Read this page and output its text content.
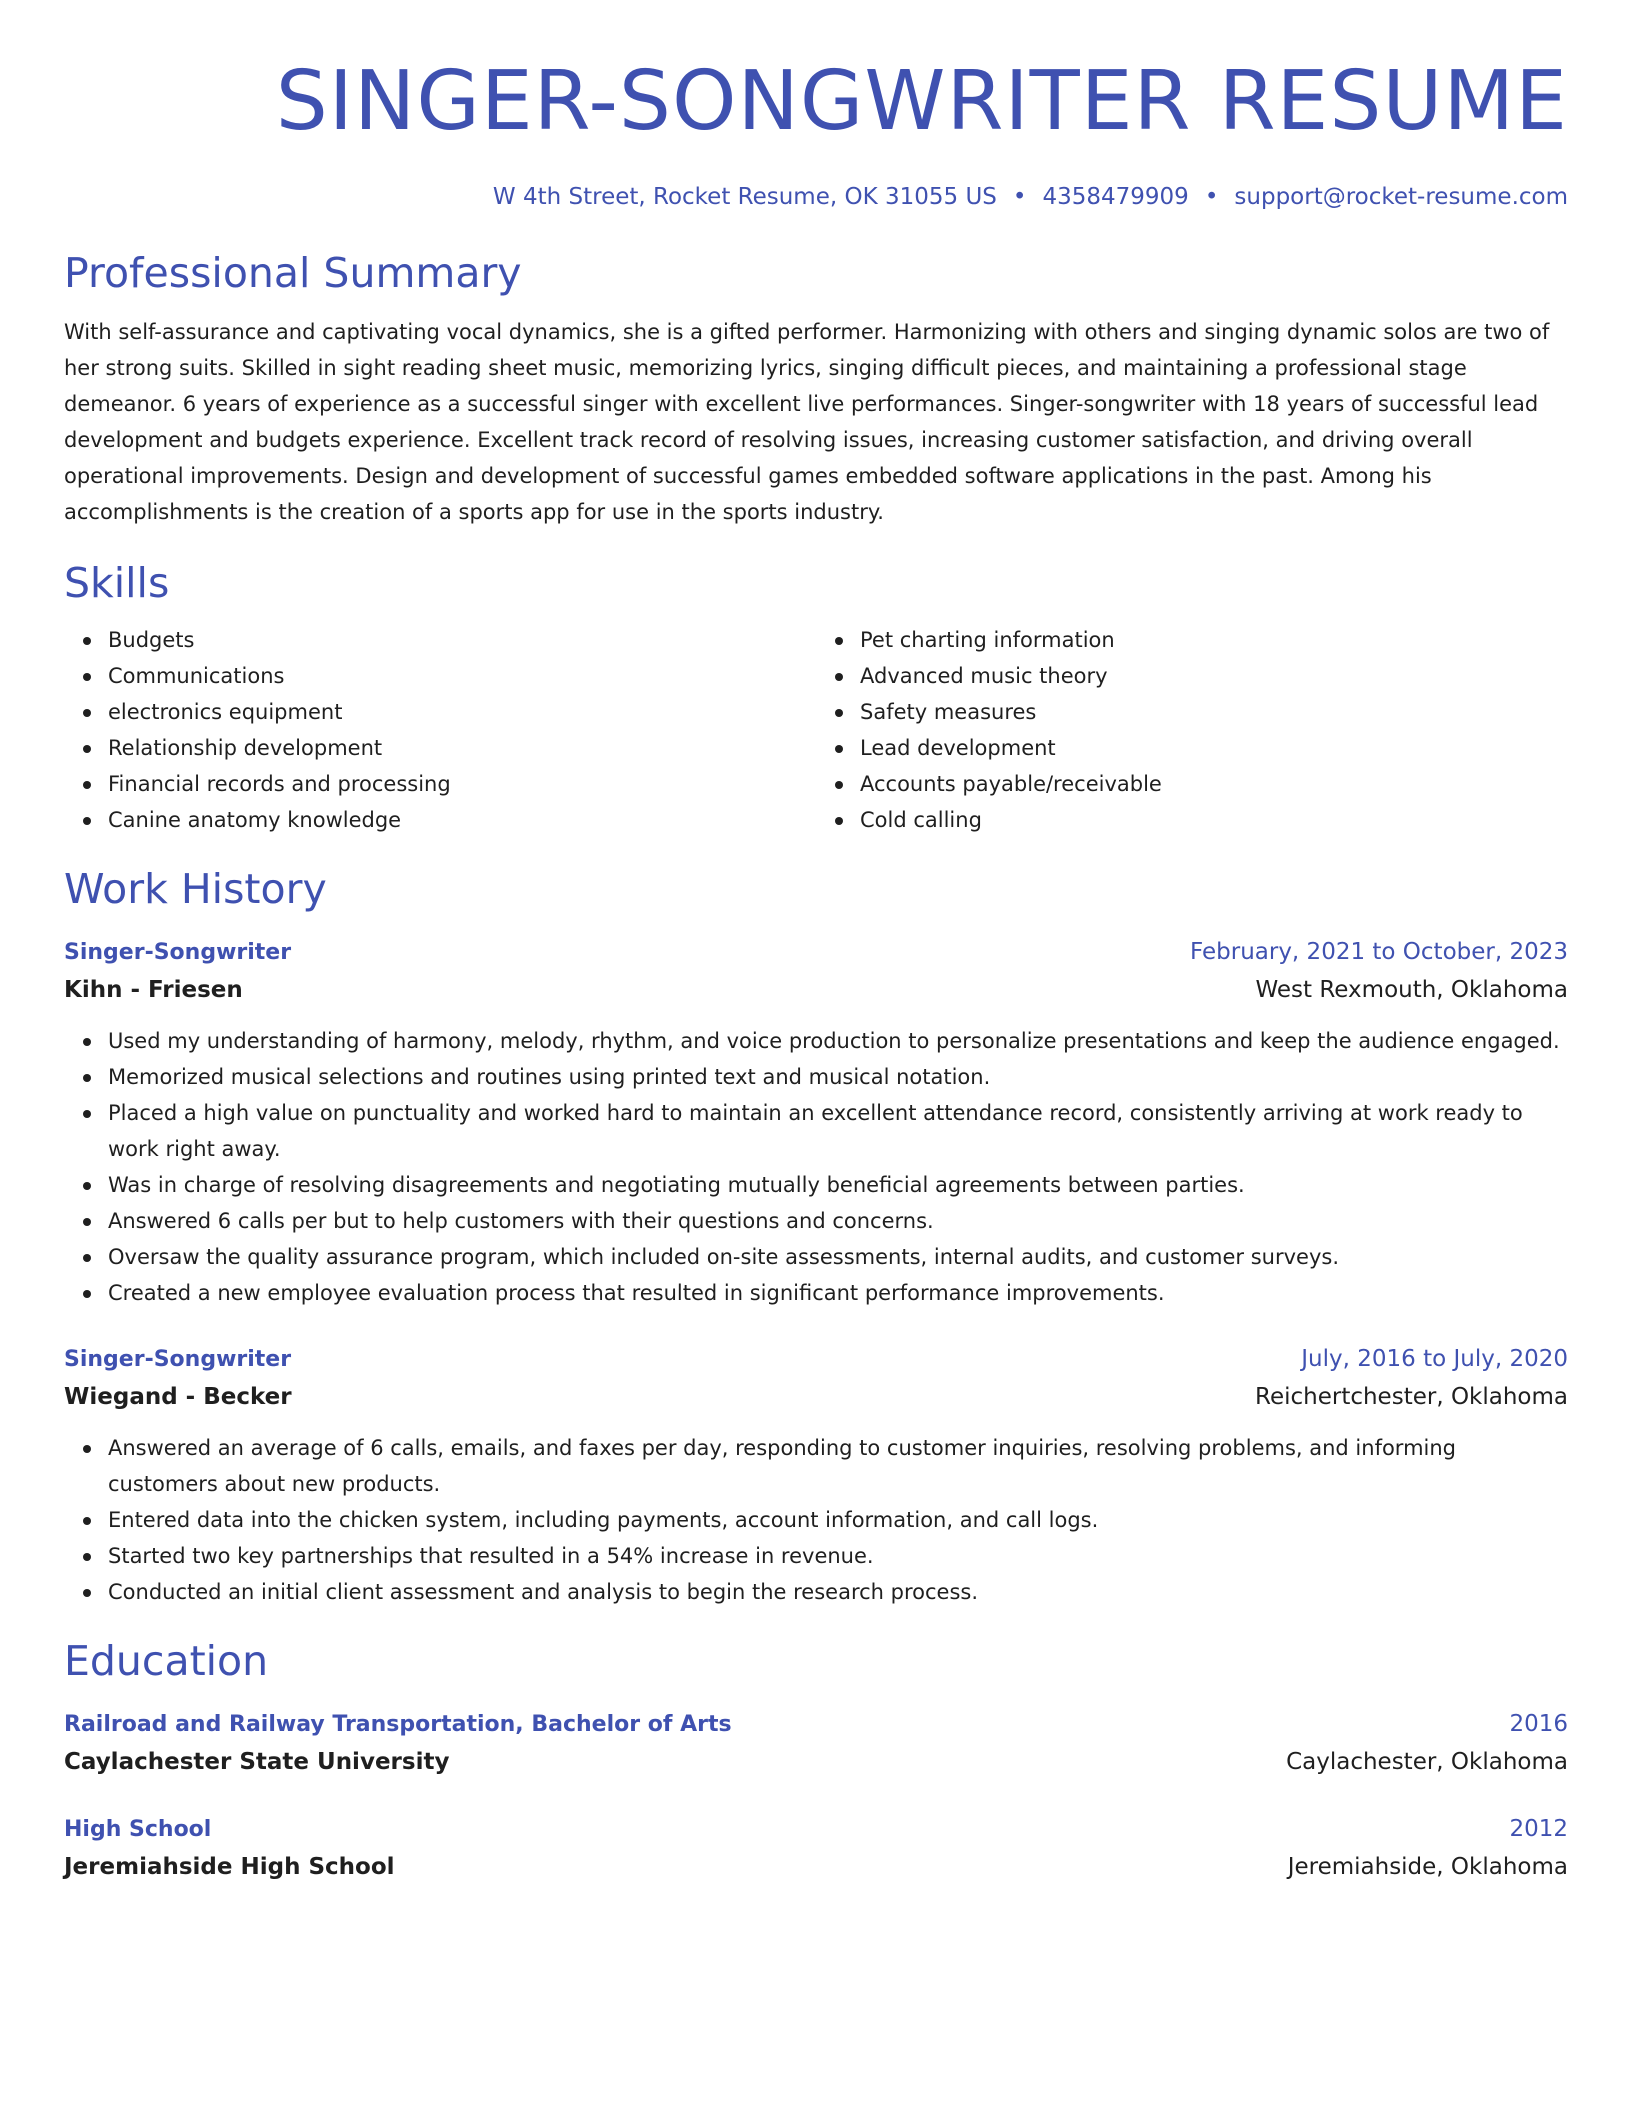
SINGER-SONGWRITER RESUME
W 4th Street, Rocket Resume, OK 31055 US • 4358479909 • support@rocket-resume.com
Professional Summary

With self-assurance and captivating vocal dynamics, she is a gifted performer. Harmonizing with others and singing dynamic solos are two of her strong suits. Skilled in sight reading sheet music, memorizing lyrics, singing difficult pieces, and maintaining a professional stage demeanor. 6 years of experience as a successful singer with excellent live performances. Singer-songwriter with 18 years of successful lead development and budgets experience. Excellent track record of resolving issues, increasing customer satisfaction, and driving overall operational improvements. Design and development of successful games embedded software applications in the past. Among his accomplishments is the creation of a sports app for use in the sports industry.

Skills
Budgets
Communications
electronics equipment
Relationship development
Financial records and processing
Canine anatomy knowledge
Pet charting information
Advanced music theory
Safety measures
Lead development
Accounts payable/receivable
Cold calling
Work History
Singer-Songwriter	February, 2021 to October, 2023
Kihn - Friesen	West Rexmouth, Oklahoma
Used my understanding of harmony, melody, rhythm, and voice production to personalize presentations and keep the audience engaged.
Memorized musical selections and routines using printed text and musical notation.
Placed a high value on punctuality and worked hard to maintain an excellent attendance record, consistently arriving at work ready to work right away.
Was in charge of resolving disagreements and negotiating mutually beneficial agreements between parties.
Answered 6 calls per but to help customers with their questions and concerns.
Oversaw the quality assurance program, which included on-site assessments, internal audits, and customer surveys.
Created a new employee evaluation process that resulted in significant performance improvements.
Singer-Songwriter	July, 2016 to July, 2020
Wiegand - Becker	Reichertchester, Oklahoma
Answered an average of 6 calls, emails, and faxes per day, responding to customer inquiries, resolving problems, and informing customers about new products.
Entered data into the chicken system, including payments, account information, and call logs.
Started two key partnerships that resulted in a 54% increase in revenue.
Conducted an initial client assessment and analysis to begin the research process.
Education
Railroad and Railway Transportation, Bachelor of Arts	2016
Caylachester State University	Caylachester, Oklahoma
High School	2012
Jeremiahside High School	Jeremiahside, Oklahoma
